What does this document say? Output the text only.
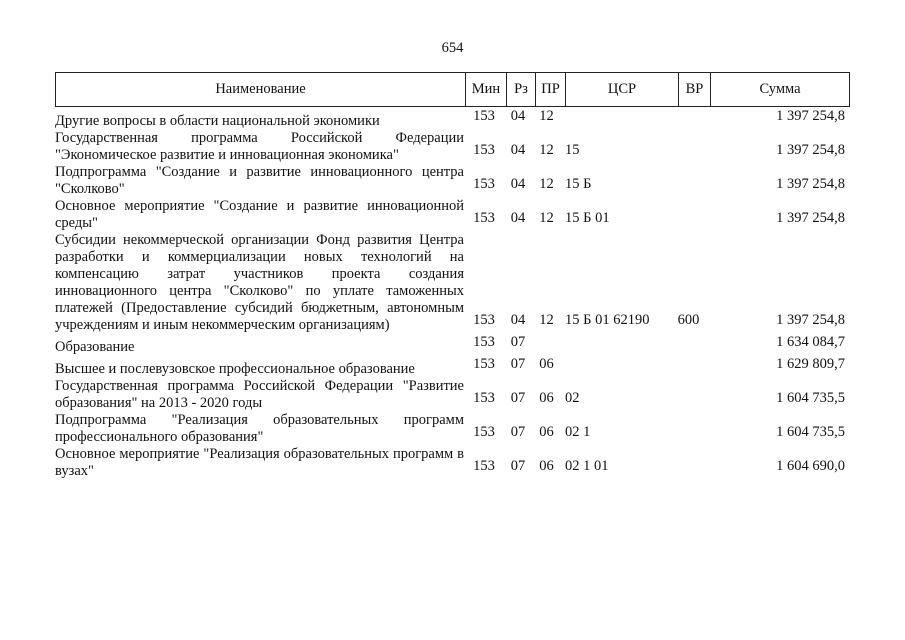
654
Наименование	Мин	Рз	ПР	ЦСР	ВР	Сумма
Другие вопросы в области национальной экономики	153	04	12			1 397 254,8

Государственная программа Российской Федерации "Экономическое развитие и инновационная экономика"	153	04	12	15		1 397 254,8

Подпрограмма "Создание и развитие инновационного центра "Сколково"	153	04	12	15 Б		1 397 254,8

Основное мероприятие "Создание и развитие инновационной среды"	153	04	12	15 Б 01		1 397 254,8

Субсидии некоммерческой организации Фонд развития Центра разработки и коммерциализации новых технологий на компенсацию затрат участников проекта создания инновационного центра "Сколково" по уплате таможенных платежей (Предоставление субсидий бюджетным, автономным учреждениям и иным некоммерческим организациям)	153	04	12	15 Б 01 62190	600	1 397 254,8

Образование	153	07				1 634 084,7

Высшее и послевузовское профессиональное образование	153	07	06			1 629 809,7

Государственная программа Российской Федерации "Развитие образования" на 2013 - 2020 годы	153	07	06	02		1 604 735,5

Подпрограмма "Реализация образовательных программ профессионального образования"	153	07	06	02 1		1 604 735,5

Основное мероприятие "Реализация образовательных программ в вузах"	153	07	06	02 1 01		1 604 690,0
